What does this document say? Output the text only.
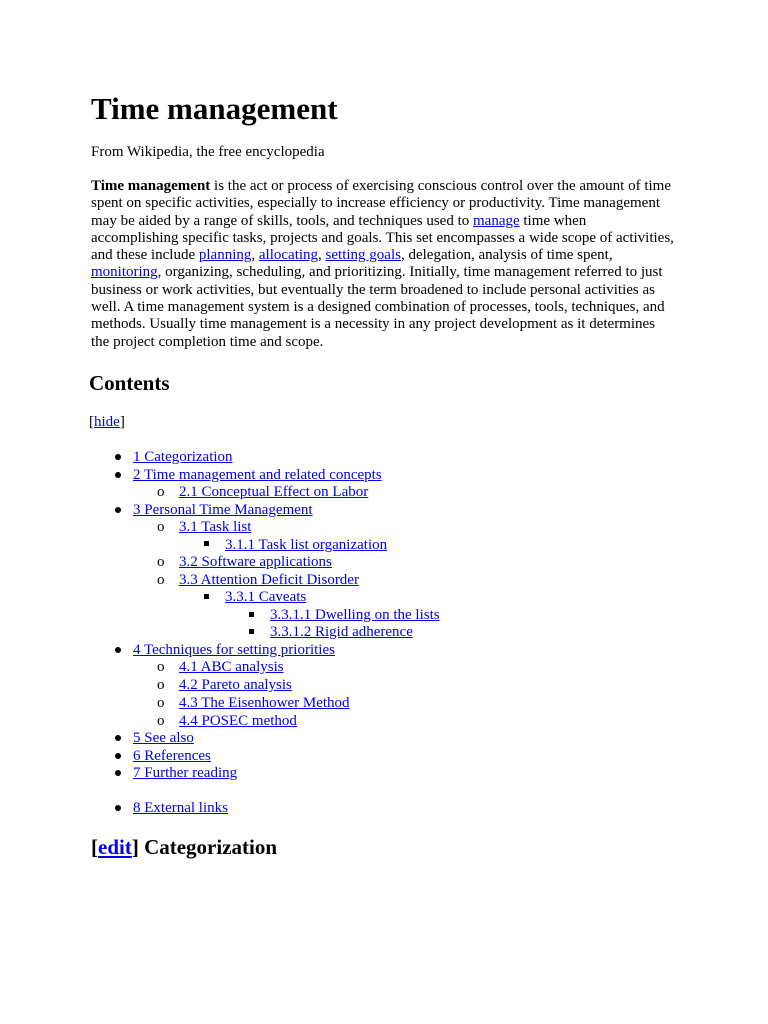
Time management
From Wikipedia, the free encyclopedia
Time management is the act or process of exercising conscious control over the amount of time
spent on specific activities, especially to increase efficiency or productivity. Time management
may be aided by a range of skills, tools, and techniques used to manage time when
accomplishing specific tasks, projects and goals. This set encompasses a wide scope of activities,
and these include planning, allocating, setting goals, delegation, analysis of time spent,
monitoring, organizing, scheduling, and prioritizing. Initially, time management referred to just
business or work activities, but eventually the term broadened to include personal activities as
well. A time management system is a designed combination of processes, tools, techniques, and
methods. Usually time management is a necessity in any project development as it determines
the project completion time and scope.
Contents
[hide]
1 Categorization
2 Time management and related concepts
o 2.1 Conceptual Effect on Labor
3 Personal Time Management
o 3.1 Task list
3.1.1 Task list organization
o 3.2 Software applications
o 3.3 Attention Deficit Disorder
3.3.1 Caveats
3.3.1.1 Dwelling on the lists
3.3.1.2 Rigid adherence
4 Techniques for setting priorities
o 4.1 ABC analysis
o 4.2 Pareto analysis
o 4.3 The Eisenhower Method
o 4.4 POSEC method
5 See also
6 References
7 Further reading
8 External links
[edit] Categorization
